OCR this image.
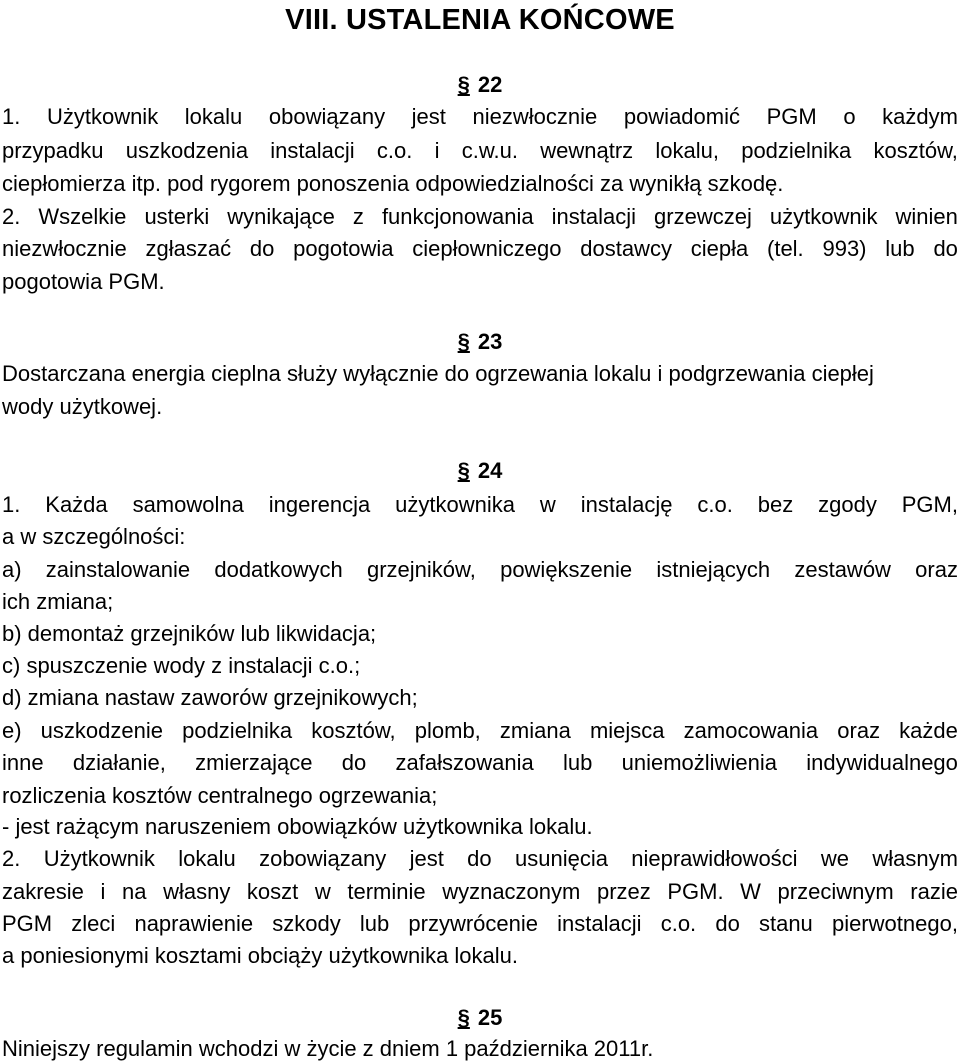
VIII. USTALENIA KOŃCOWE
§ 22
1. Użytkownik lokalu obowiązany jest niezwłocznie powiadomić PGM o każdym
przypadku uszkodzenia instalacji c.o. i c.w.u. wewnątrz lokalu, podzielnika kosztów,
ciepłomierza itp. pod rygorem ponoszenia odpowiedzialności za wynikłą szkodę.
2. Wszelkie usterki wynikające z funkcjonowania instalacji grzewczej użytkownik winien
niezwłocznie zgłaszać do pogotowia ciepłowniczego dostawcy ciepła (tel. 993) lub do
pogotowia PGM.
§ 23
Dostarczana energia cieplna służy wyłącznie do ogrzewania lokalu i podgrzewania ciepłej
wody użytkowej.
§ 24
1. Każda samowolna ingerencja użytkownika w instalację c.o. bez zgody PGM,
a w szczególności:
a) zainstalowanie dodatkowych grzejników, powiększenie istniejących zestawów oraz
ich zmiana;
b) demontaż grzejników lub likwidacja;
c) spuszczenie wody z instalacji c.o.;
d) zmiana nastaw zaworów grzejnikowych;
e) uszkodzenie podzielnika kosztów, plomb, zmiana miejsca zamocowania oraz każde
inne działanie, zmierzające do zafałszowania lub uniemożliwienia indywidualnego
rozliczenia kosztów centralnego ogrzewania;
- jest rażącym naruszeniem obowiązków użytkownika lokalu.
2. Użytkownik lokalu zobowiązany jest do usunięcia nieprawidłowości we własnym
zakresie i na własny koszt w terminie wyznaczonym przez PGM. W przeciwnym razie
PGM zleci naprawienie szkody lub przywrócenie instalacji c.o. do stanu pierwotnego,
a poniesionymi kosztami obciąży użytkownika lokalu.
§ 25
Niniejszy regulamin wchodzi w życie z dniem 1 października 2011r.
